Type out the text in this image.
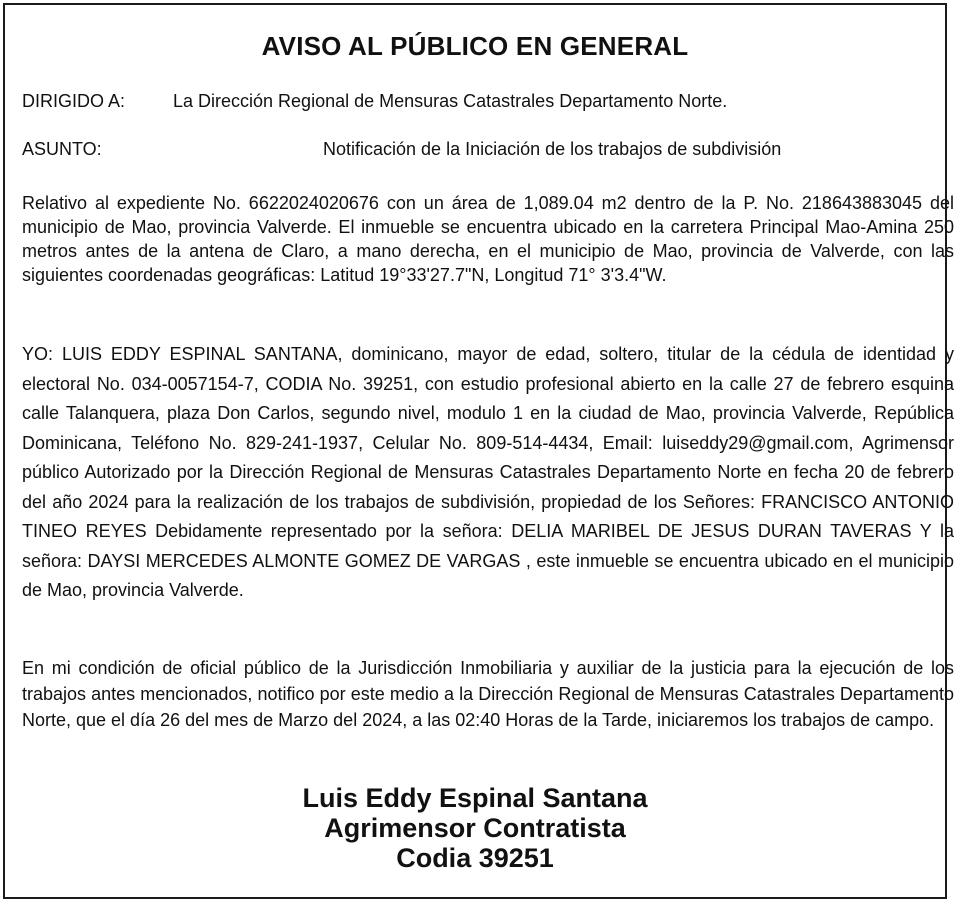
AVISO AL PÚBLICO EN GENERAL
DIRIGIDO A:	La Dirección Regional de Mensuras Catastrales Departamento Norte.
ASUNTO:	Notificación de la Iniciación de los trabajos de subdivisión

Relativo al expediente No. 6622024020676 con un área de 1,089.04 m2 dentro de la P. No. 218643883045 del municipio de Mao, provincia Valverde. El inmueble se encuentra ubicado en la carretera Principal Mao-Amina 250 metros antes de la antena de Claro, a mano derecha, en el municipio de Mao, provincia de Valverde, con las siguientes coordenadas geográficas: Latitud 19°33'27.7"N, Longitud 71° 3'3.4"W.

YO: LUIS EDDY ESPINAL SANTANA, dominicano, mayor de edad, soltero, titular de la cédula de identidad y electoral No. 034-0057154-7, CODIA No. 39251, con estudio profesional abierto en la calle 27 de febrero esquina calle Talanquera, plaza Don Carlos, segundo nivel, modulo 1 en la ciudad de Mao, provincia Valverde, República Dominicana, Teléfono No. 829-241-1937, Celular No. 809-514-4434, Email: luiseddy29@gmail.com, Agrimensor público Autorizado por la Dirección Regional de Mensuras Catastrales Departamento Norte en fecha 20 de febrero del año 2024 para la realización de los trabajos de subdivisión, propiedad de los Señores: FRANCISCO ANTONIO TINEO REYES Debidamente representado por la señora: DELIA MARIBEL DE JESUS DURAN TAVERAS Y la señora: DAYSI MERCEDES ALMONTE GOMEZ DE VARGAS , este inmueble se encuentra ubicado en el municipio de Mao, provincia Valverde.

En mi condición de oficial público de la Jurisdicción Inmobiliaria y auxiliar de la justicia para la ejecución de los trabajos antes mencionados, notifico por este medio a la Dirección Regional de Mensuras Catastrales Departamento Norte, que el día 26 del mes de Marzo del 2024, a las 02:40 Horas de la Tarde, iniciaremos los trabajos de campo.

Luis Eddy Espinal Santana
Agrimensor Contratista
Codia 39251
